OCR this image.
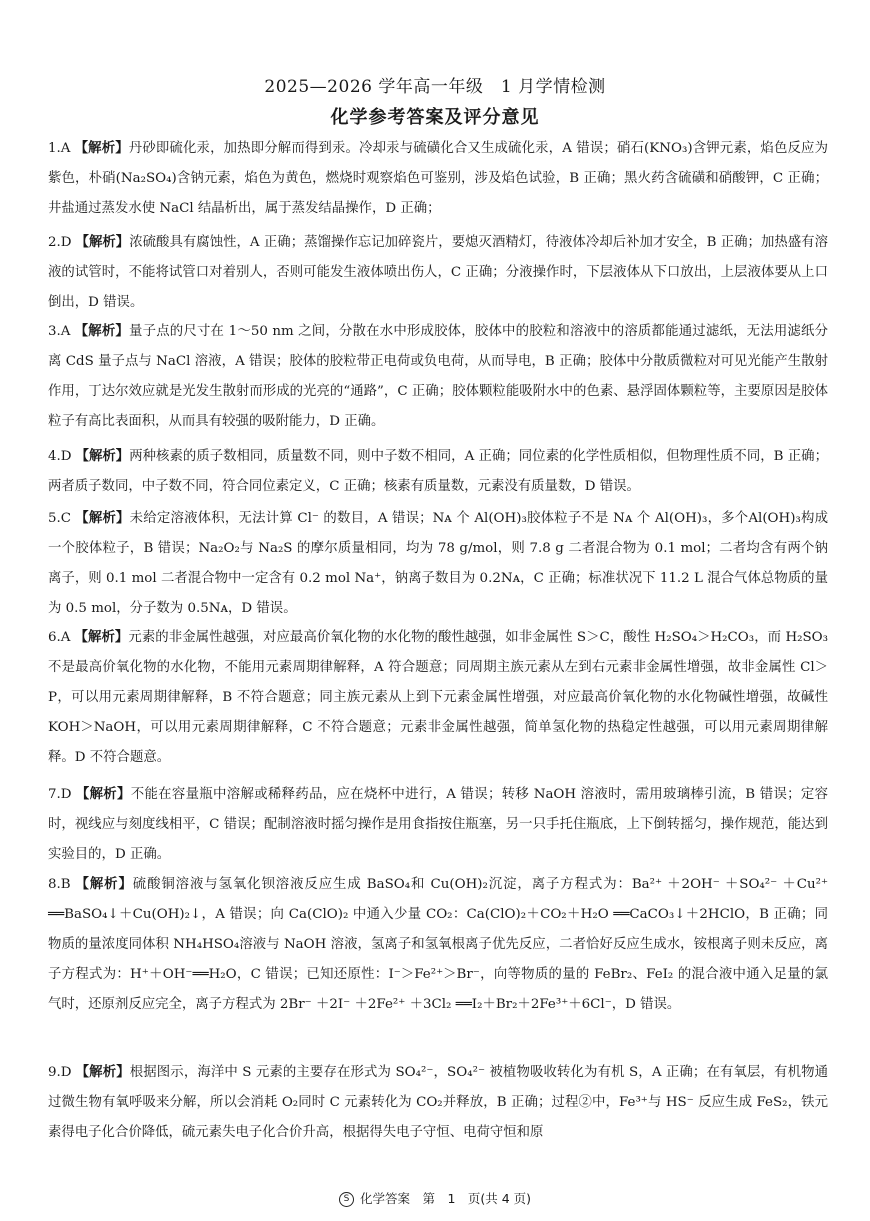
2025—2026 学年高一年级　1 月学情检测
化学参考答案及评分意见

1.A 【解析】丹砂即硫化汞，加热即分解而得到汞。冷却汞与硫磺化合又生成硫化汞，A 错误；硝石(KNO₃)含钾元素，焰色反应为紫色，朴硝(Na₂SO₄)含钠元素，焰色为黄色，燃烧时观察焰色可鉴别，涉及焰色试验，B 正确；黑火药含硫磺和硝酸钾，C 正确；井盐通过蒸发水使 NaCl 结晶析出，属于蒸发结晶操作，D 正确；

2.D 【解析】浓硫酸具有腐蚀性，A 正确；蒸馏操作忘记加碎瓷片，要熄灭酒精灯，待液体冷却后补加才安全，B 正确；加热盛有溶液的试管时，不能将试管口对着别人，否则可能发生液体喷出伤人，C 正确；分液操作时，下层液体从下口放出，上层液体要从上口倒出，D 错误。

3.A 【解析】量子点的尺寸在 1～50 nm 之间，分散在水中形成胶体，胶体中的胶粒和溶液中的溶质都能通过滤纸，无法用滤纸分离 CdS 量子点与 NaCl 溶液，A 错误；胶体的胶粒带正电荷或负电荷，从而导电，B 正确；胶体中分散质微粒对可见光能产生散射作用，丁达尔效应就是光发生散射而形成的光亮的“通路”，C 正确；胶体颗粒能吸附水中的色素、悬浮固体颗粒等，主要原因是胶体粒子有高比表面积，从而具有较强的吸附能力，D 正确。

4.D 【解析】两种核素的质子数相同，质量数不同，则中子数不相同，A 正确；同位素的化学性质相似，但物理性质不同，B 正确；两者质子数同，中子数不同，符合同位素定义，C 正确；核素有质量数，元素没有质量数，D 错误。

5.C 【解析】未给定溶液体积，无法计算 Cl⁻ 的数目，A 错误；Nᴀ 个 Al(OH)₃胶体粒子不是 Nᴀ 个 Al(OH)₃，多个Al(OH)₃构成一个胶体粒子，B 错误；Na₂O₂与 Na₂S 的摩尔质量相同，均为 78 g/mol，则 7.8 g 二者混合物为 0.1 mol；二者均含有两个钠离子，则 0.1 mol 二者混合物中一定含有 0.2 mol Na⁺，钠离子数目为 0.2Nᴀ，C 正确；标准状况下 11.2 L 混合气体总物质的量为 0.5 mol，分子数为 0.5Nᴀ，D 错误。

6.A 【解析】元素的非金属性越强，对应最高价氧化物的水化物的酸性越强，如非金属性 S＞C，酸性 H₂SO₄＞H₂CO₃，而 H₂SO₃不是最高价氧化物的水化物，不能用元素周期律解释，A 符合题意；同周期主族元素从左到右元素非金属性增强，故非金属性 Cl＞P，可以用元素周期律解释，B 不符合题意；同主族元素从上到下元素金属性增强，对应最高价氧化物的水化物碱性增强，故碱性 KOH＞NaOH，可以用元素周期律解释，C 不符合题意；元素非金属性越强，简单氢化物的热稳定性越强，可以用元素周期律解释。D 不符合题意。

7.D 【解析】不能在容量瓶中溶解或稀释药品，应在烧杯中进行，A 错误；转移 NaOH 溶液时，需用玻璃棒引流，B 错误；定容时，视线应与刻度线相平，C 错误；配制溶液时摇匀操作是用食指按住瓶塞，另一只手托住瓶底，上下倒转摇匀，操作规范，能达到实验目的，D 正确。

8.B 【解析】硫酸铜溶液与氢氧化钡溶液反应生成 BaSO₄和 Cu(OH)₂沉淀，离子方程式为：Ba²⁺ ＋2OH⁻ ＋SO₄²⁻ ＋Cu²⁺ ══BaSO₄↓＋Cu(OH)₂↓，A 错误；向 Ca(ClO)₂ 中通入少量 CO₂：Ca(ClO)₂＋CO₂＋H₂O ══CaCO₃↓＋2HClO，B 正确；同物质的量浓度同体积 NH₄HSO₄溶液与 NaOH 溶液，氢离子和氢氧根离子优先反应，二者恰好反应生成水，铵根离子则未反应，离子方程式为：H⁺＋OH⁻══H₂O，C 错误；已知还原性：I⁻＞Fe²⁺＞Br⁻，向等物质的量的 FeBr₂、FeI₂ 的混合液中通入足量的氯气时，还原剂反应完全，离子方程式为 2Br⁻ ＋2I⁻ ＋2Fe²⁺ ＋3Cl₂ ══I₂＋Br₂＋2Fe³⁺＋6Cl⁻，D 错误。

9.D 【解析】根据图示，海洋中 S 元素的主要存在形式为 SO₄²⁻，SO₄²⁻ 被植物吸收转化为有机 S，A 正确；在有氧层，有机物通过微生物有氧呼吸来分解，所以会消耗 O₂同时 C 元素转化为 CO₂并释放，B 正确；过程②中，Fe³⁺与 HS⁻ 反应生成 FeS₂，铁元素得电子化合价降低，硫元素失电子化合价升高，根据得失电子守恒、电荷守恒和原

S 化学答案　第　1　页(共 4 页)
